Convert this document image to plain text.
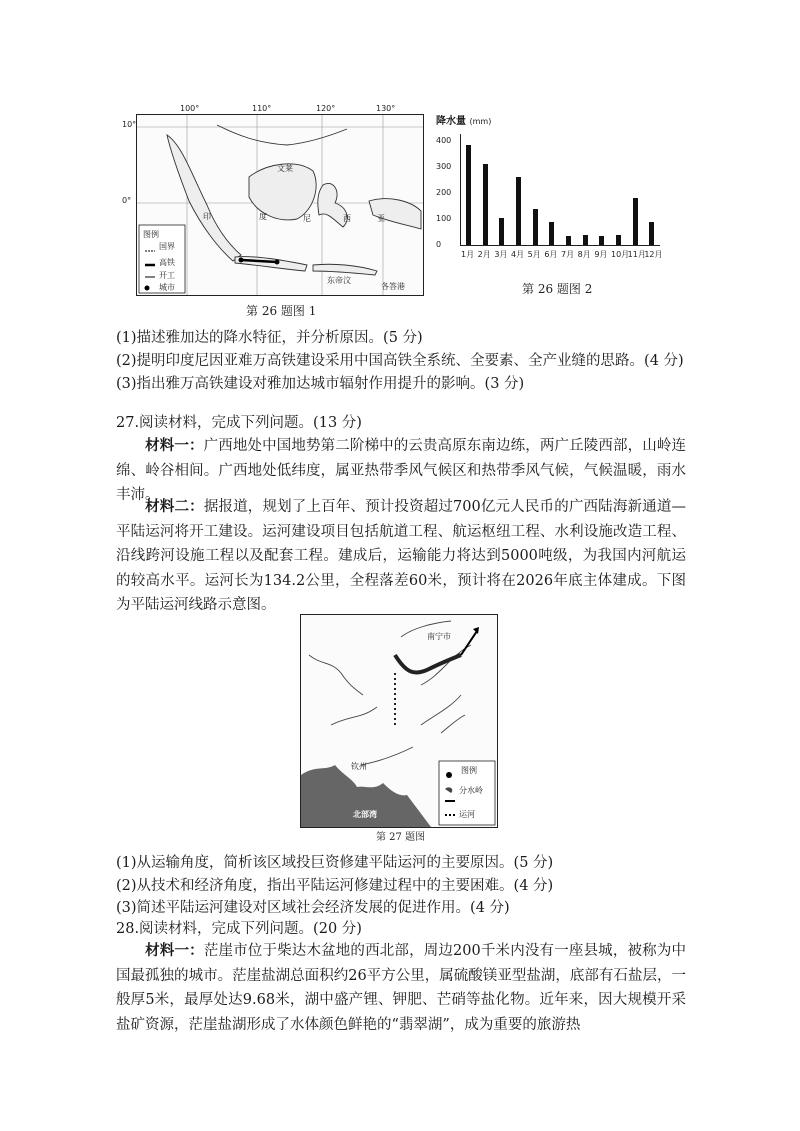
100°	110°	120°	130°
10°
0°
图例
国界
高铁
开工
城市
文莱
印	度	尼	西	亚
东帝汶
各答港
第 26 题图 1
降水量 (mm)
400
300
200
100
0
1月 2月 3月 4月 5月 6月 7月 8月 9月 10月
11月
12月
第 26 题图 2
(1)描述雅加达的降水特征，并分析原因。(5 分)
(2)提明印度尼因亚难万高铁建设采用中国高铁全系统、全要素、全产业缝的思路。(4 分)
(3)指出雅万高铁建设对雅加达城市辐射作用提升的影响。(3 分)
27.阅读材料，完成下列问题。(13 分)
材料一：广西地处中国地势第二阶梯中的云贵高原东南边练，两广丘陵西部，山岭连绵、岭谷相间。广西地处低纬度，属亚热带季风气候区和热带季风气候，气候温暖，雨水丰沛。
材料二：据报道，规划了上百年、预计投资超过700亿元人民币的广西陆海新通道—平陆运河将开工建设。运河建设项目包括航道工程、航运枢纽工程、水利设施改造工程、沿线跨河设施工程以及配套工程。建成后，运输能力将达到5000吨级，为我国内河航运的较高水平。运河长为134.2公里，全程落差60米，预计将在2026年底主体建成。下图为平陆运河线路示意图。
南宁市
钦州
北部湾
图例
分水岭
运河
第 27 题图
(1)从运输角度，简析该区域投巨资修建平陆运河的主要原因。(5 分)
(2)从技术和经济角度，指出平陆运河修建过程中的主要困难。(4 分)
(3)简述平陆运河建设对区域社会经济发展的促进作用。(4 分)
28.阅读材料，完成下列问题。(20 分)
材料一：茫崖市位于柴达木盆地的西北部，周边200千米内没有一座县城，被称为中国最孤独的城市。茫崖盐湖总面积约26平方公里，属硫酸镁亚型盐湖，底部有石盐层，一般厚5米，最厚处达9.68米，湖中盛产锂、钾肥、芒硝等盐化物。近年来，因大规模开采盐矿资源，茫崖盐湖形成了水体颜色鲜艳的“翡翠湖”，成为重要的旅游热
